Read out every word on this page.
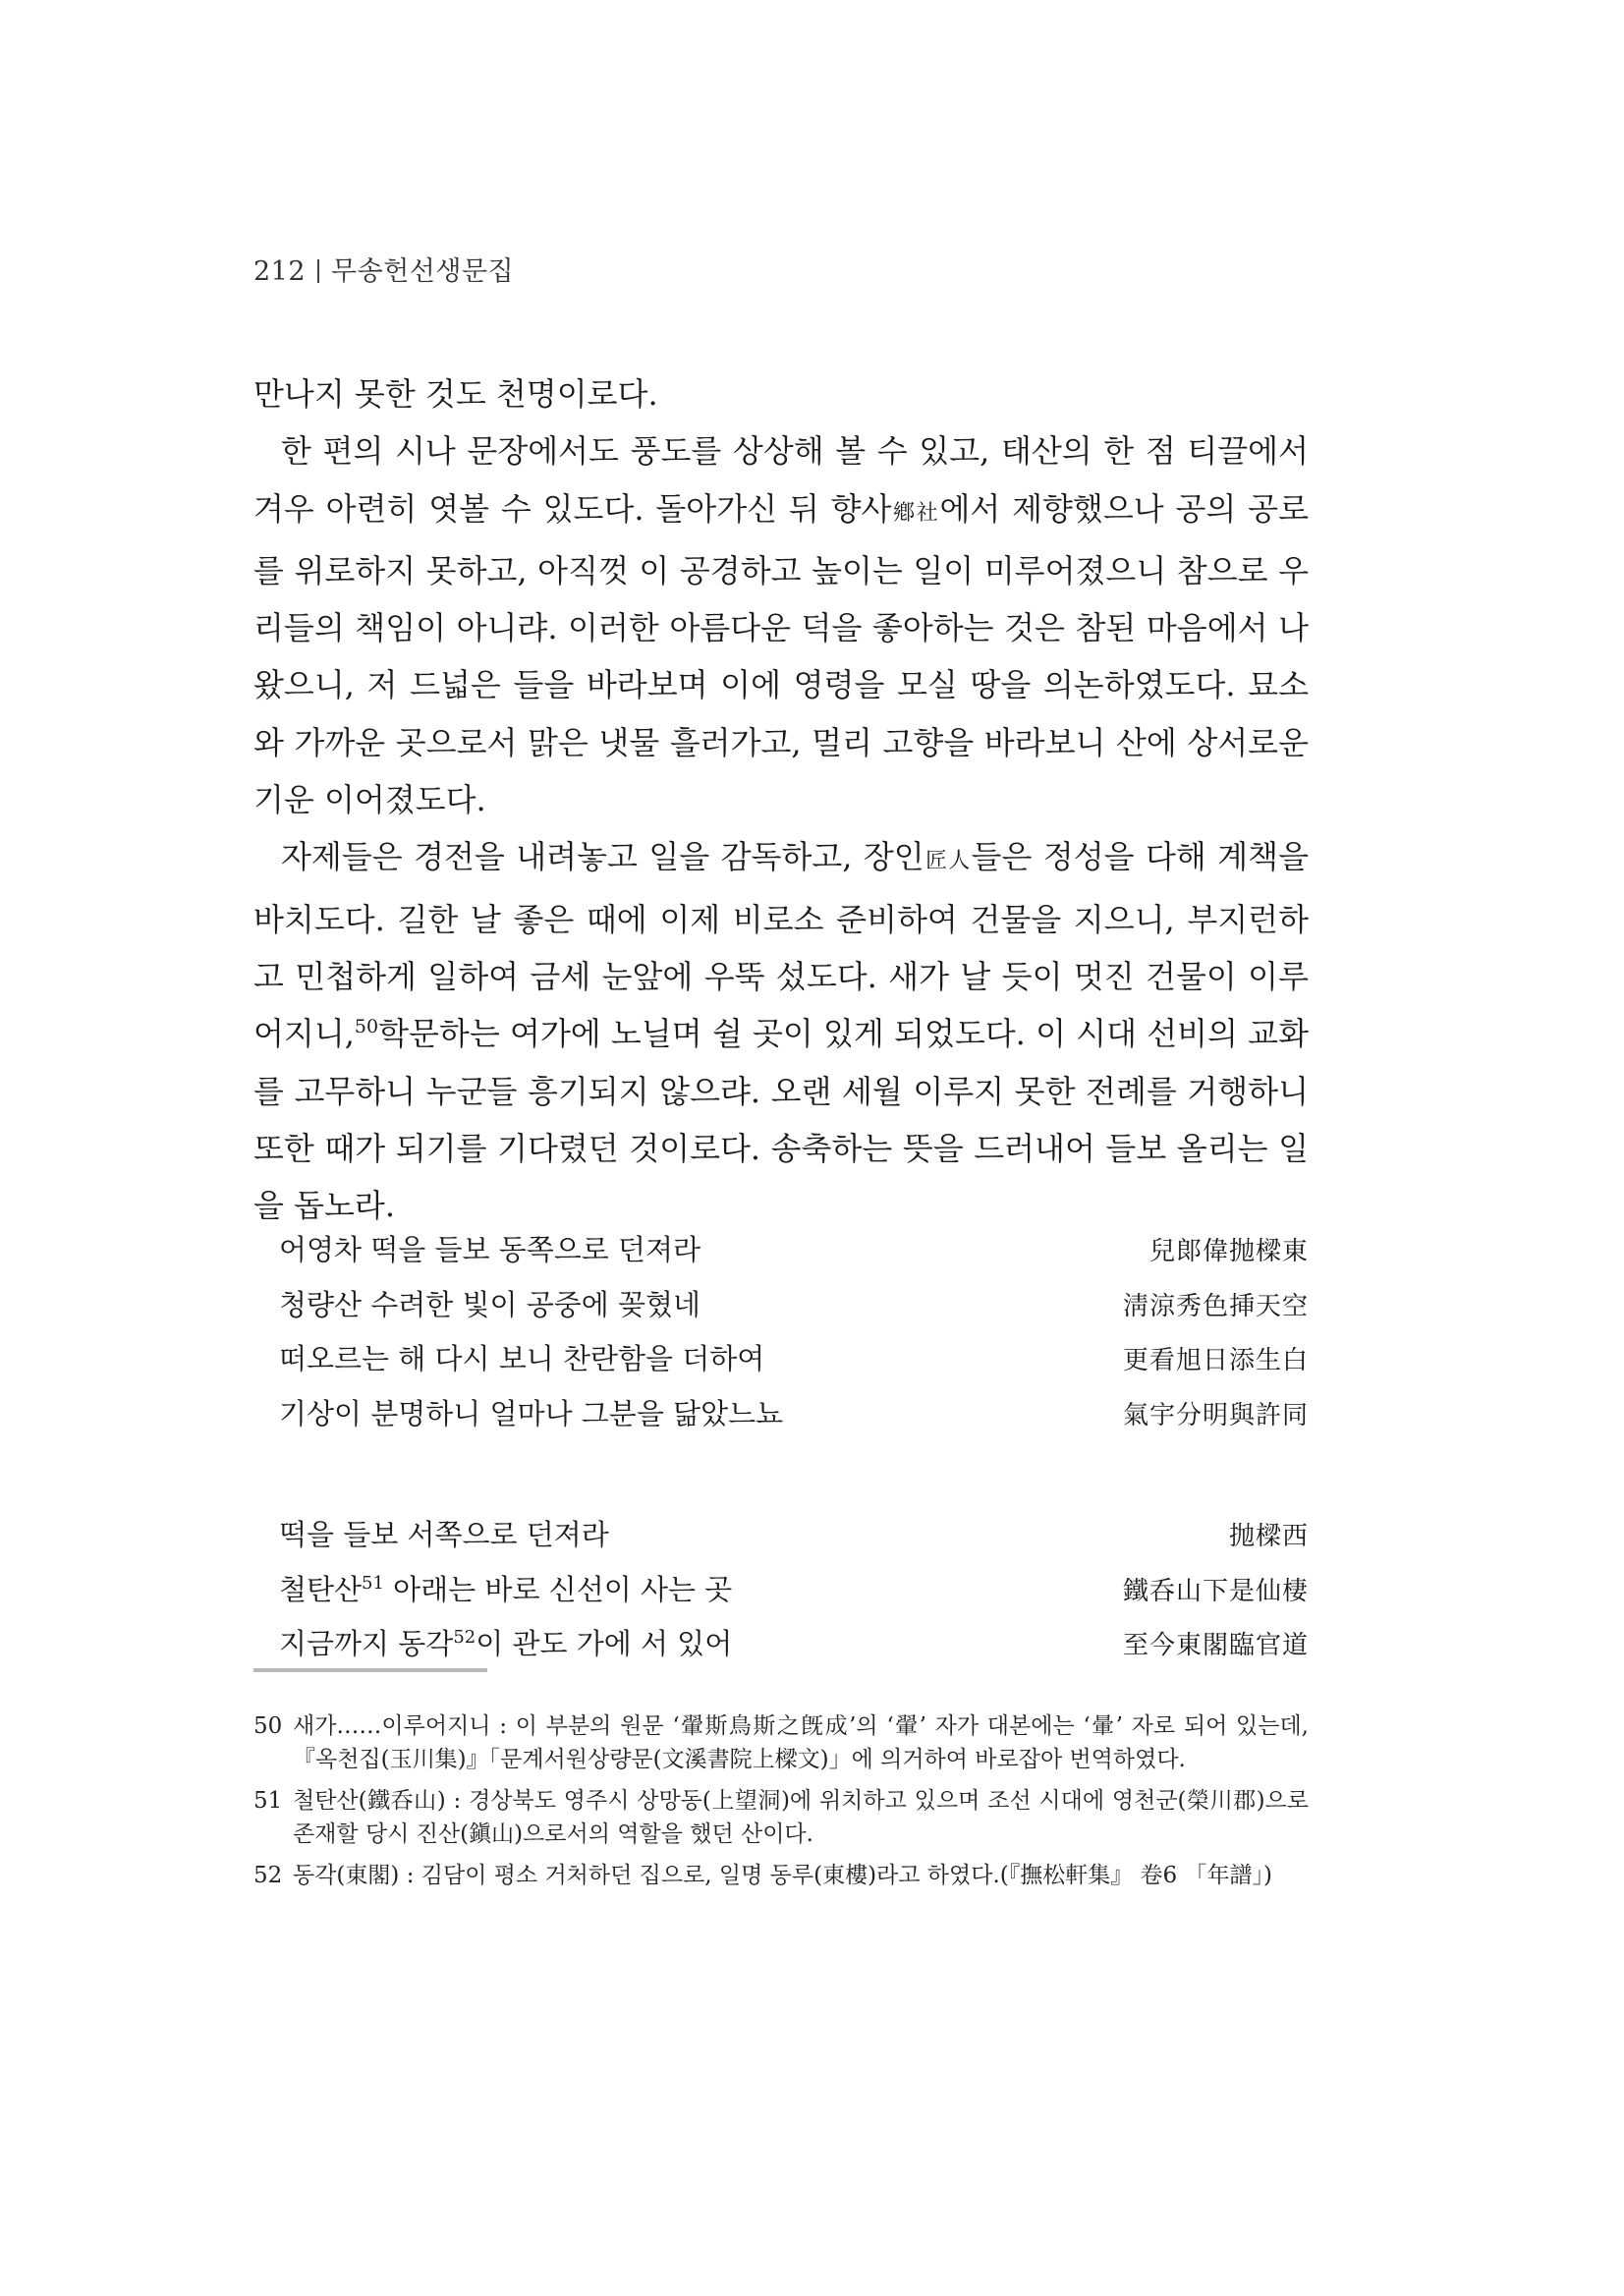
212 무송헌선생문집

만나지 못한 것도 천명이로다.

한 편의 시나 문장에서도 풍도를 상상해 볼 수 있고, 태산의 한 점 티끌에서 겨우 아련히 엿볼 수 있도다. 돌아가신 뒤 향사鄕社에서 제향했으나 공의 공로를 위로하지 못하고, 아직껏 이 공경하고 높이는 일이 미루어졌으니 참으로 우리들의 책임이 아니랴. 이러한 아름다운 덕을 좋아하는 것은 참된 마음에서 나왔으니, 저 드넓은 들을 바라보며 이에 영령을 모실 땅을 의논하였도다. 묘소와 가까운 곳으로서 맑은 냇물 흘러가고, 멀리 고향을 바라보니 산에 상서로운 기운 이어졌도다.

자제들은 경전을 내려놓고 일을 감독하고, 장인匠人들은 정성을 다해 계책을 바치도다. 길한 날 좋은 때에 이제 비로소 준비하여 건물을 지으니, 부지런하고 민첩하게 일하여 금세 눈앞에 우뚝 섰도다. 새가 날 듯이 멋진 건물이 이루어지니,$^{50}$학문하는 여가에 노닐며 쉴 곳이 있게 되었도다. 이 시대 선비의 교화를 고무하니 누군들 흥기되지 않으랴. 오랜 세월 이루지 못한 전례를 거행하니 또한 때가 되기를 기다렸던 것이로다. 송축하는 뜻을 드러내어 들보 올리는 일을 돕노라.

어영차 떡을 들보 동쪽으로 던져라	兒郞偉抛樑東
청량산 수려한 빛이 공중에 꽂혔네	淸涼秀色挿天空
떠오르는 해 다시 보니 찬란함을 더하여	更看旭日添生白
기상이 분명하니 얼마나 그분을 닮았느뇨	氣宇分明與許同
떡을 들보 서쪽으로 던져라	抛樑西
철탄산$^{51}$ 아래는 바로 신선이 사는 곳	鐵呑山下是仙棲
지금까지 동각$^{52}$이 관도 가에 서 있어	至今東閣臨官道
50 새가……이루어지니 : 이 부분의 원문 ‘翬斯鳥斯之旣成’의 ‘翬’ 자가 대본에는 ‘暈’ 자로 되어 있는데, 『옥천집(玉川集)』「문계서원상량문(文溪書院上樑文)」에 의거하여 바로잡아 번역하였다.
51 철탄산(鐵呑山) : 경상북도 영주시 상망동(上望洞)에 위치하고 있으며 조선 시대에 영천군(榮川郡)으로 존재할 당시 진산(鎭山)으로서의 역할을 했던 산이다.
52 동각(東閣) : 김담이 평소 거처하던 집으로, 일명 동루(東樓)라고 하였다.(『撫松軒集』 卷6 「年譜」)
